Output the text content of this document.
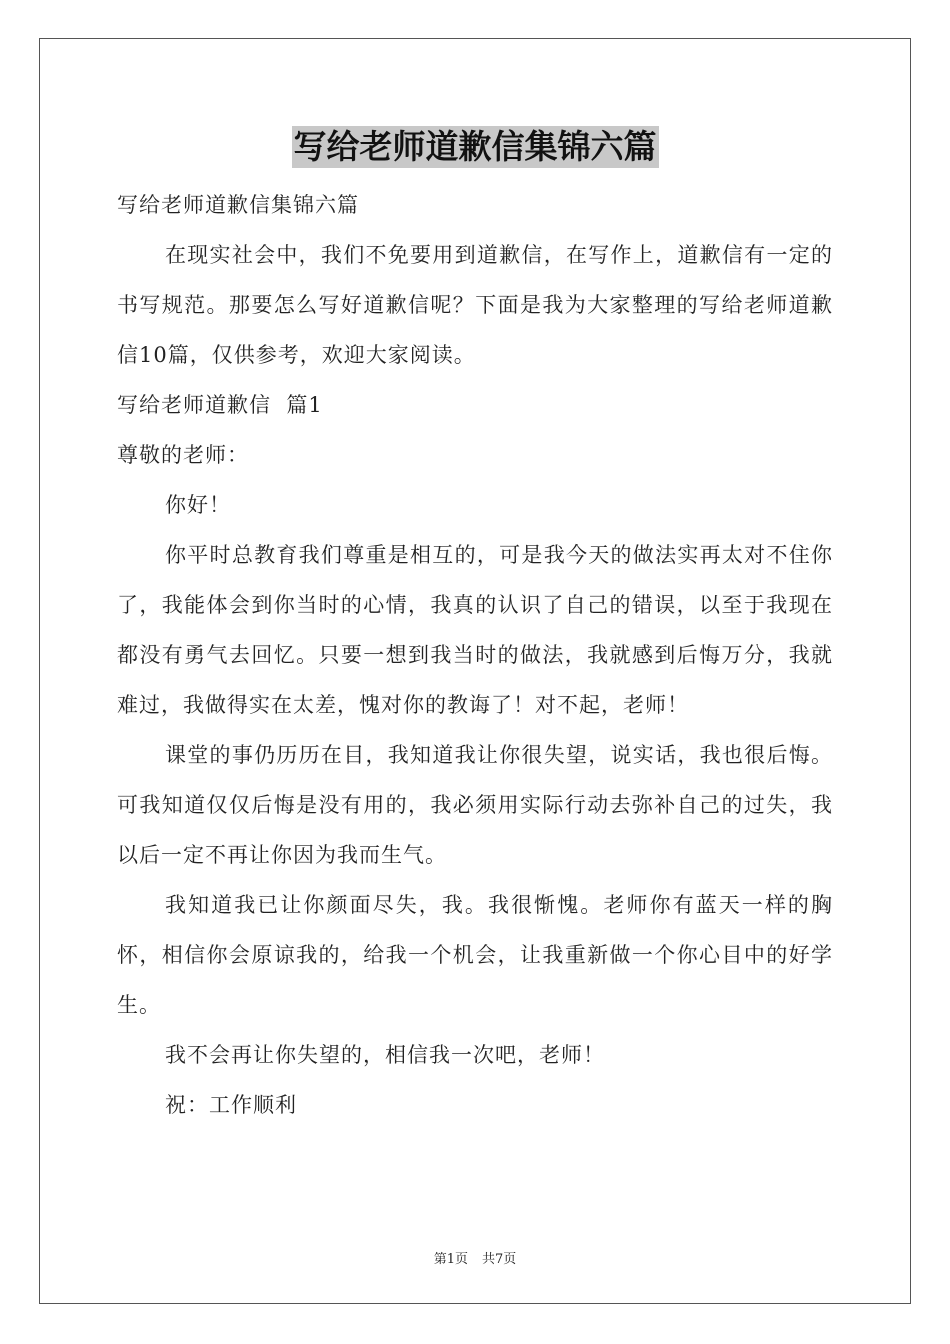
写给老师道歉信集锦六篇

写给老师道歉信集锦六篇

在现实社会中，我们不免要用到道歉信，在写作上，道歉信有一定的书写规范。那要怎么写好道歉信呢？下面是我为大家整理的写给老师道歉信10篇，仅供参考，欢迎大家阅读。

写给老师道歉信  篇1

尊敬的老师：

你好！

你平时总教育我们尊重是相互的，可是我今天的做法实再太对不住你了，我能体会到你当时的心情，我真的认识了自己的错误，以至于我现在都没有勇气去回忆。只要一想到我当时的做法，我就感到后悔万分，我就难过，我做得实在太差，愧对你的教诲了！对不起，老师！

课堂的事仍历历在目，我知道我让你很失望，说实话，我也很后悔。可我知道仅仅后悔是没有用的，我必须用实际行动去弥补自己的过失，我以后一定不再让你因为我而生气。

我知道我已让你颜面尽失，我。我很惭愧。老师你有蓝天一样的胸怀，相信你会原谅我的，给我一个机会，让我重新做一个你心目中的好学生。

我不会再让你失望的，相信我一次吧，老师！

祝：工作顺利

第1页 共7页
